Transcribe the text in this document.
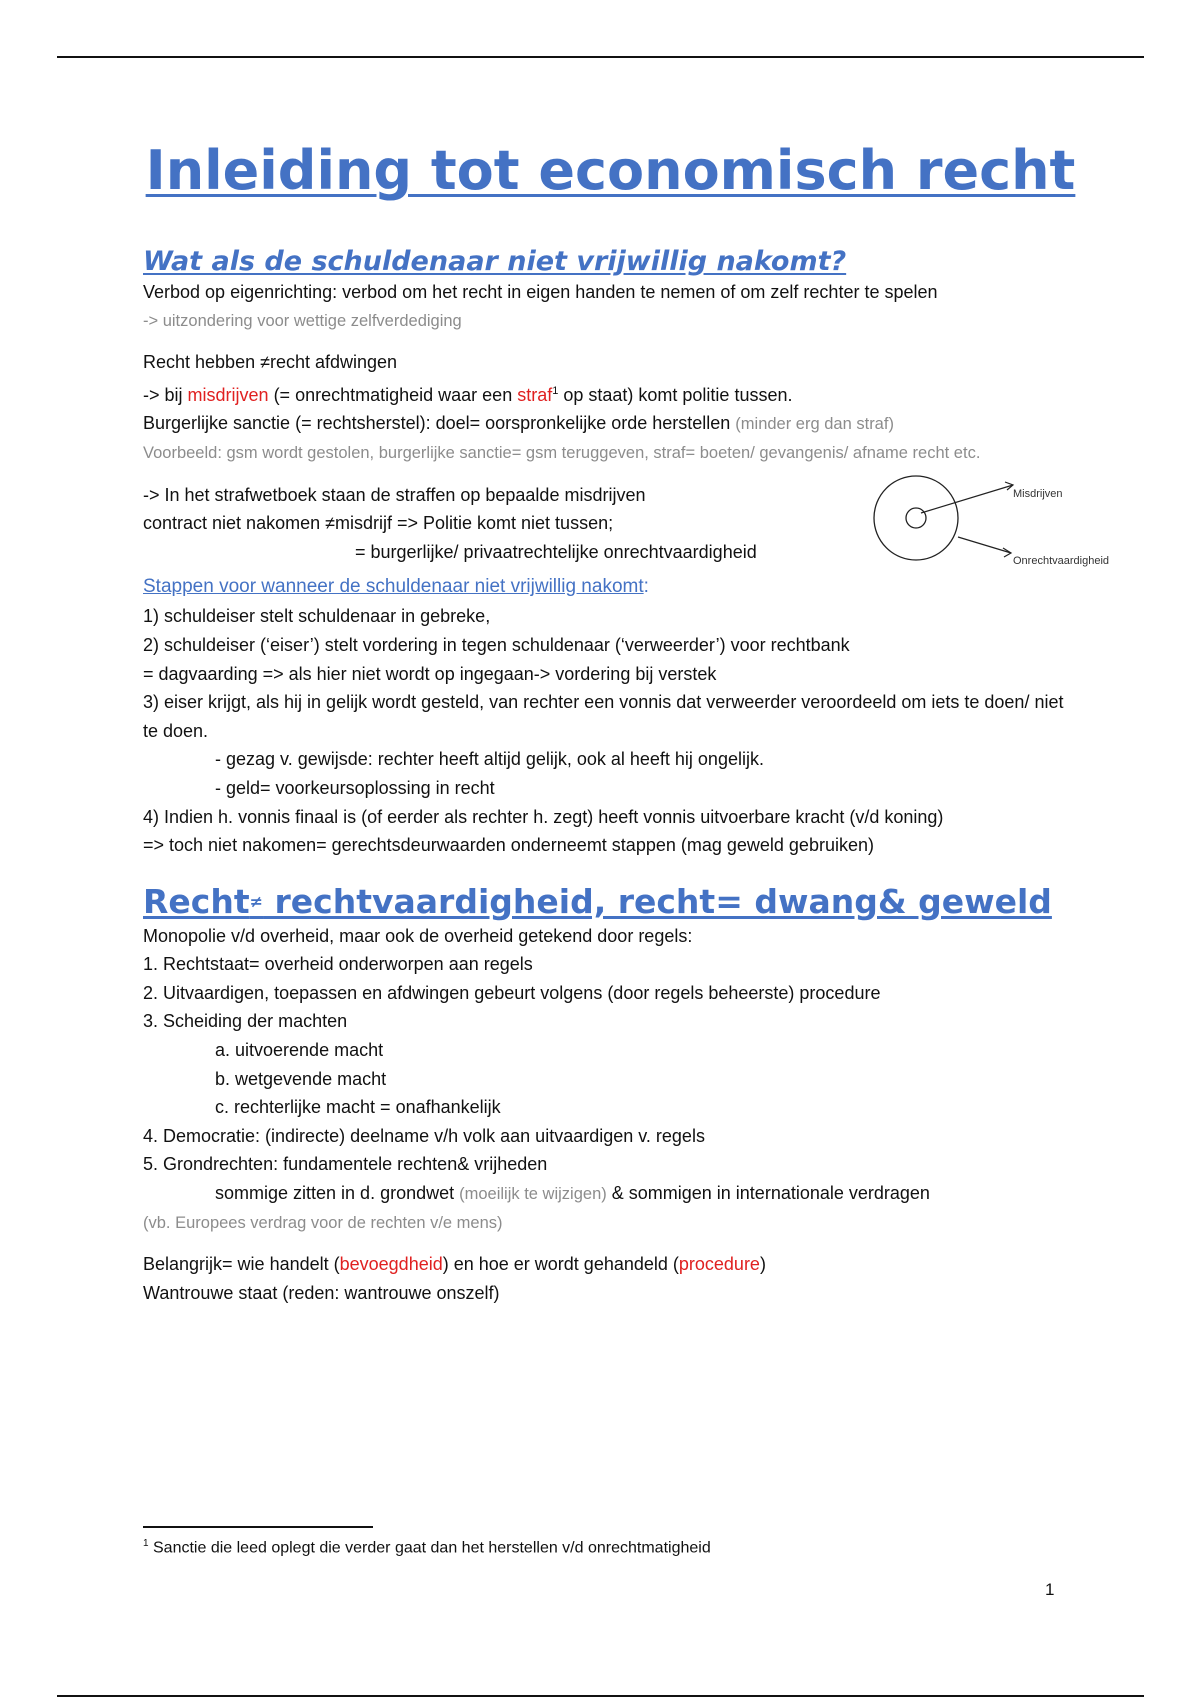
Inleiding tot economisch recht
Wat als de schuldenaar niet vrijwillig nakomt?

Verbod op eigenrichting: verbod om het recht in eigen handen te nemen of om zelf rechter te spelen

-> uitzondering voor wettige zelfverdediging

Recht hebben ≠recht afdwingen

-> bij misdrijven (= onrechtmatigheid waar een straf$^1$ op staat) komt politie tussen.

Burgerlijke sanctie (= rechtsherstel): doel= oorspronkelijke orde herstellen (minder erg dan straf)

Voorbeeld: gsm wordt gestolen, burgerlijke sanctie= gsm teruggeven, straf= boeten/ gevangenis/ afname recht etc.

-> In het strafwetboek staan de straffen op bepaalde misdrijven

contract niet nakomen ≠misdrijf => Politie komt niet tussen;

= burgerlijke/ privaatrechtelijke onrechtvaardigheid

Misdrijven
Onrechtvaardigheid

Stappen voor wanneer de schuldenaar niet vrijwillig nakomt:

1) schuldeiser stelt schuldenaar in gebreke,

2) schuldeiser (‘eiser’) stelt vordering in tegen schuldenaar (‘verweerder’) voor rechtbank

= dagvaarding => als hier niet wordt op ingegaan-> vordering bij verstek

3) eiser krijgt, als hij in gelijk wordt gesteld, van rechter een vonnis dat verweerder veroordeeld om iets te doen/ niet te doen.

- gezag v. gewijsde: rechter heeft altijd gelijk, ook al heeft hij ongelijk.

- geld= voorkeursoplossing in recht

4) Indien h. vonnis finaal is (of eerder als rechter h. zegt) heeft vonnis uitvoerbare kracht (v/d koning)

=> toch niet nakomen= gerechtsdeurwaarden onderneemt stappen (mag geweld gebruiken)

Recht≠ rechtvaardigheid, recht= dwang& geweld

Monopolie v/d overheid, maar ook de overheid getekend door regels:

1. Rechtstaat= overheid onderworpen aan regels

2. Uitvaardigen, toepassen en afdwingen gebeurt volgens (door regels beheerste) procedure

3. Scheiding der machten

a. uitvoerende macht

b. wetgevende macht

c. rechterlijke macht = onafhankelijk

4. Democratie: (indirecte) deelname v/h volk aan uitvaardigen v. regels

5. Grondrechten: fundamentele rechten& vrijheden

sommige zitten in d. grondwet (moeilijk te wijzigen) & sommigen in internationale verdragen

(vb. Europees verdrag voor de rechten v/e mens)

Belangrijk= wie handelt (bevoegdheid) en hoe er wordt gehandeld (procedure)

Wantrouwe staat (reden: wantrouwe onszelf)

$^1$ Sanctie die leed oplegt die verder gaat dan het herstellen v/d onrechtmatigheid

1
